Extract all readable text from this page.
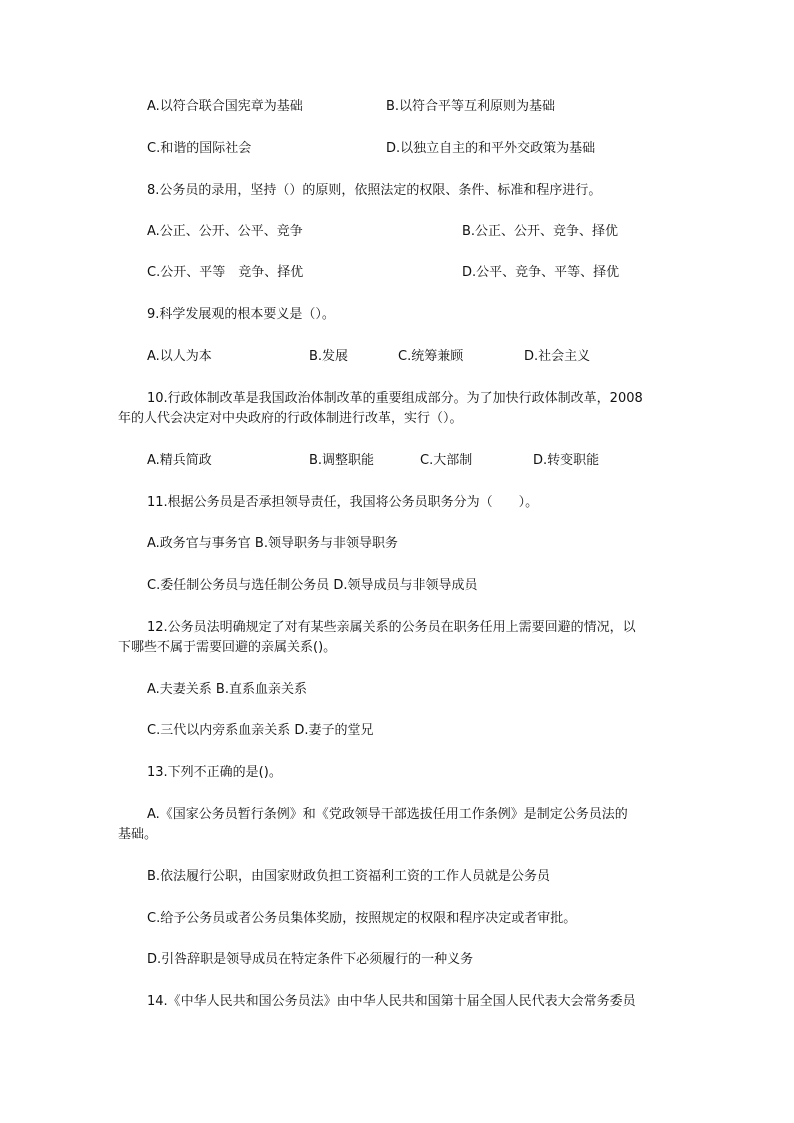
A.以符合联合国宪章为基础	B.以符合平等互利原则为基础
C.和谐的国际社会	D.以独立自主的和平外交政策为基础
8.公务员的录用，坚持（）的原则，依照法定的权限、条件、标准和程序进行。
A.公正、公开、公平、竞争	B.公正、公开、竞争、择优
C.公开、平等　竞争、择优	D.公平、竞争、平等、择优
9.科学发展观的根本要义是（）。
A.以人为本	B.发展	C.统筹兼顾	D.社会主义
10.行政体制改革是我国政治体制改革的重要组成部分。为了加快行政体制改革，2008
年的人代会决定对中央政府的行政体制进行改革，实行（）。
A.精兵简政	B.调整职能	C.大部制	D.转变职能
11.根据公务员是否承担领导责任，我国将公务员职务分为（　　）。
A.政务官与事务官 B.领导职务与非领导职务
C.委任制公务员与选任制公务员 D.领导成员与非领导成员
12.公务员法明确规定了对有某些亲属关系的公务员在职务任用上需要回避的情况，以
下哪些不属于需要回避的亲属关系()。
A.夫妻关系 B.直系血亲关系
C.三代以内旁系血亲关系 D.妻子的堂兄
13.下列不正确的是()。
A.《国家公务员暂行条例》和《党政领导干部选拔任用工作条例》是制定公务员法的
基础。
B.依法履行公职，由国家财政负担工资福利工资的工作人员就是公务员
C.给予公务员或者公务员集体奖励，按照规定的权限和程序决定或者审批。
D.引咎辞职是领导成员在特定条件下必须履行的一种义务
14.《中华人民共和国公务员法》由中华人民共和国第十届全国人民代表大会常务委员
